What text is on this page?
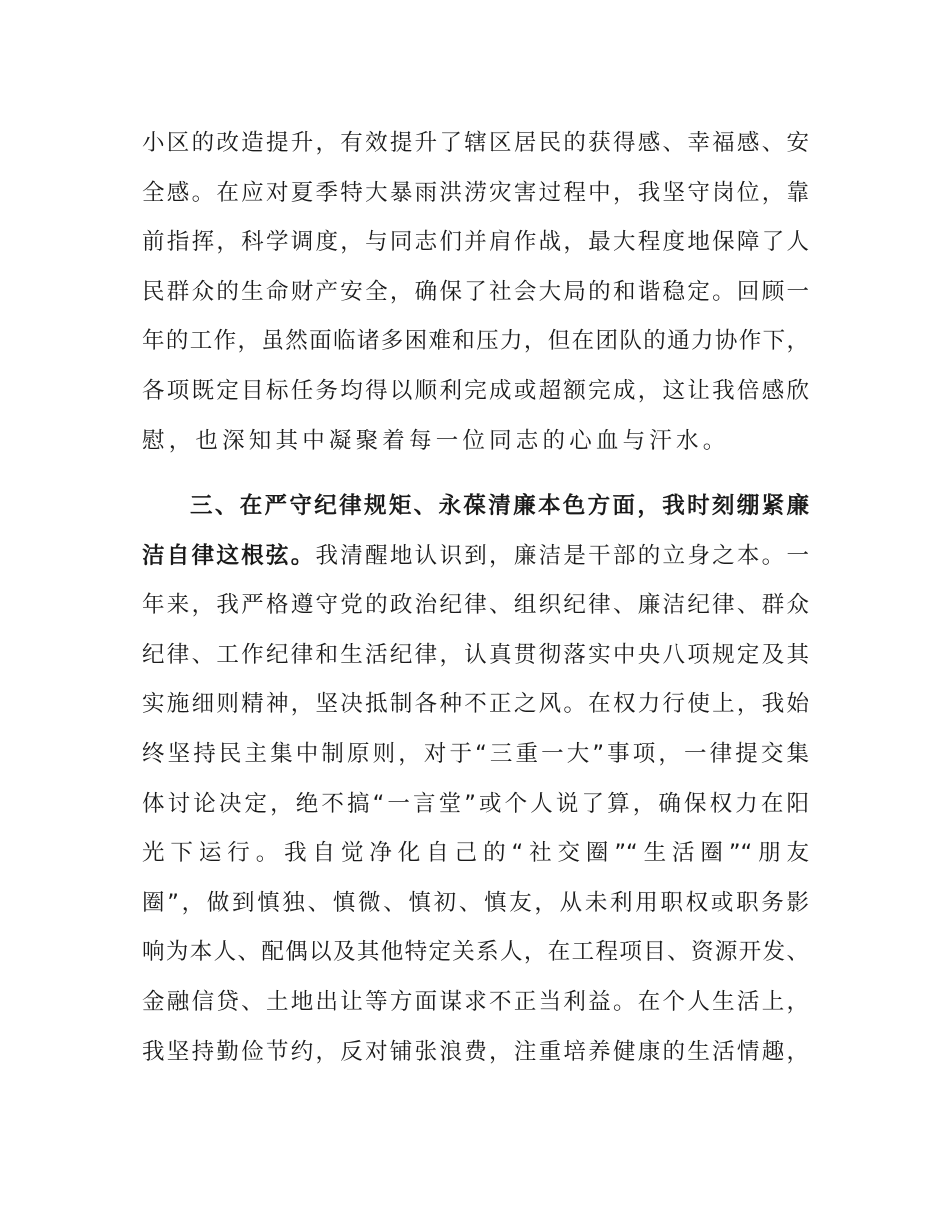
小区的改造提升，有效提升了辖区居民的获得感、幸福感、安
全感。在应对夏季特大暴雨洪涝灾害过程中，我坚守岗位，靠
前指挥，科学调度，与同志们并肩作战，最大程度地保障了人
民群众的生命财产安全，确保了社会大局的和谐稳定。回顾一
年的工作，虽然面临诸多困难和压力，但在团队的通力协作下，
各项既定目标任务均得以顺利完成或超额完成，这让我倍感欣
慰，也深知其中凝聚着每一位同志的心血与汗水。
三、在严守纪律规矩、永葆清廉本色方面，我时刻绷紧廉
洁自律这根弦。我清醒地认识到，廉洁是干部的立身之本。一
年来，我严格遵守党的政治纪律、组织纪律、廉洁纪律、群众
纪律、工作纪律和生活纪律，认真贯彻落实中央八项规定及其
实施细则精神，坚决抵制各种不正之风。在权力行使上，我始
终坚持民主集中制原则，对于“三重一大”事项，一律提交集
体讨论决定，绝不搞“一言堂”或个人说了算，确保权力在阳
光下运行。我自觉净化自己的“社交圈”“生活圈”“朋友
圈”，做到慎独、慎微、慎初、慎友，从未利用职权或职务影
响为本人、配偶以及其他特定关系人，在工程项目、资源开发、
金融信贷、土地出让等方面谋求不正当利益。在个人生活上，
我坚持勤俭节约，反对铺张浪费，注重培养健康的生活情趣，
